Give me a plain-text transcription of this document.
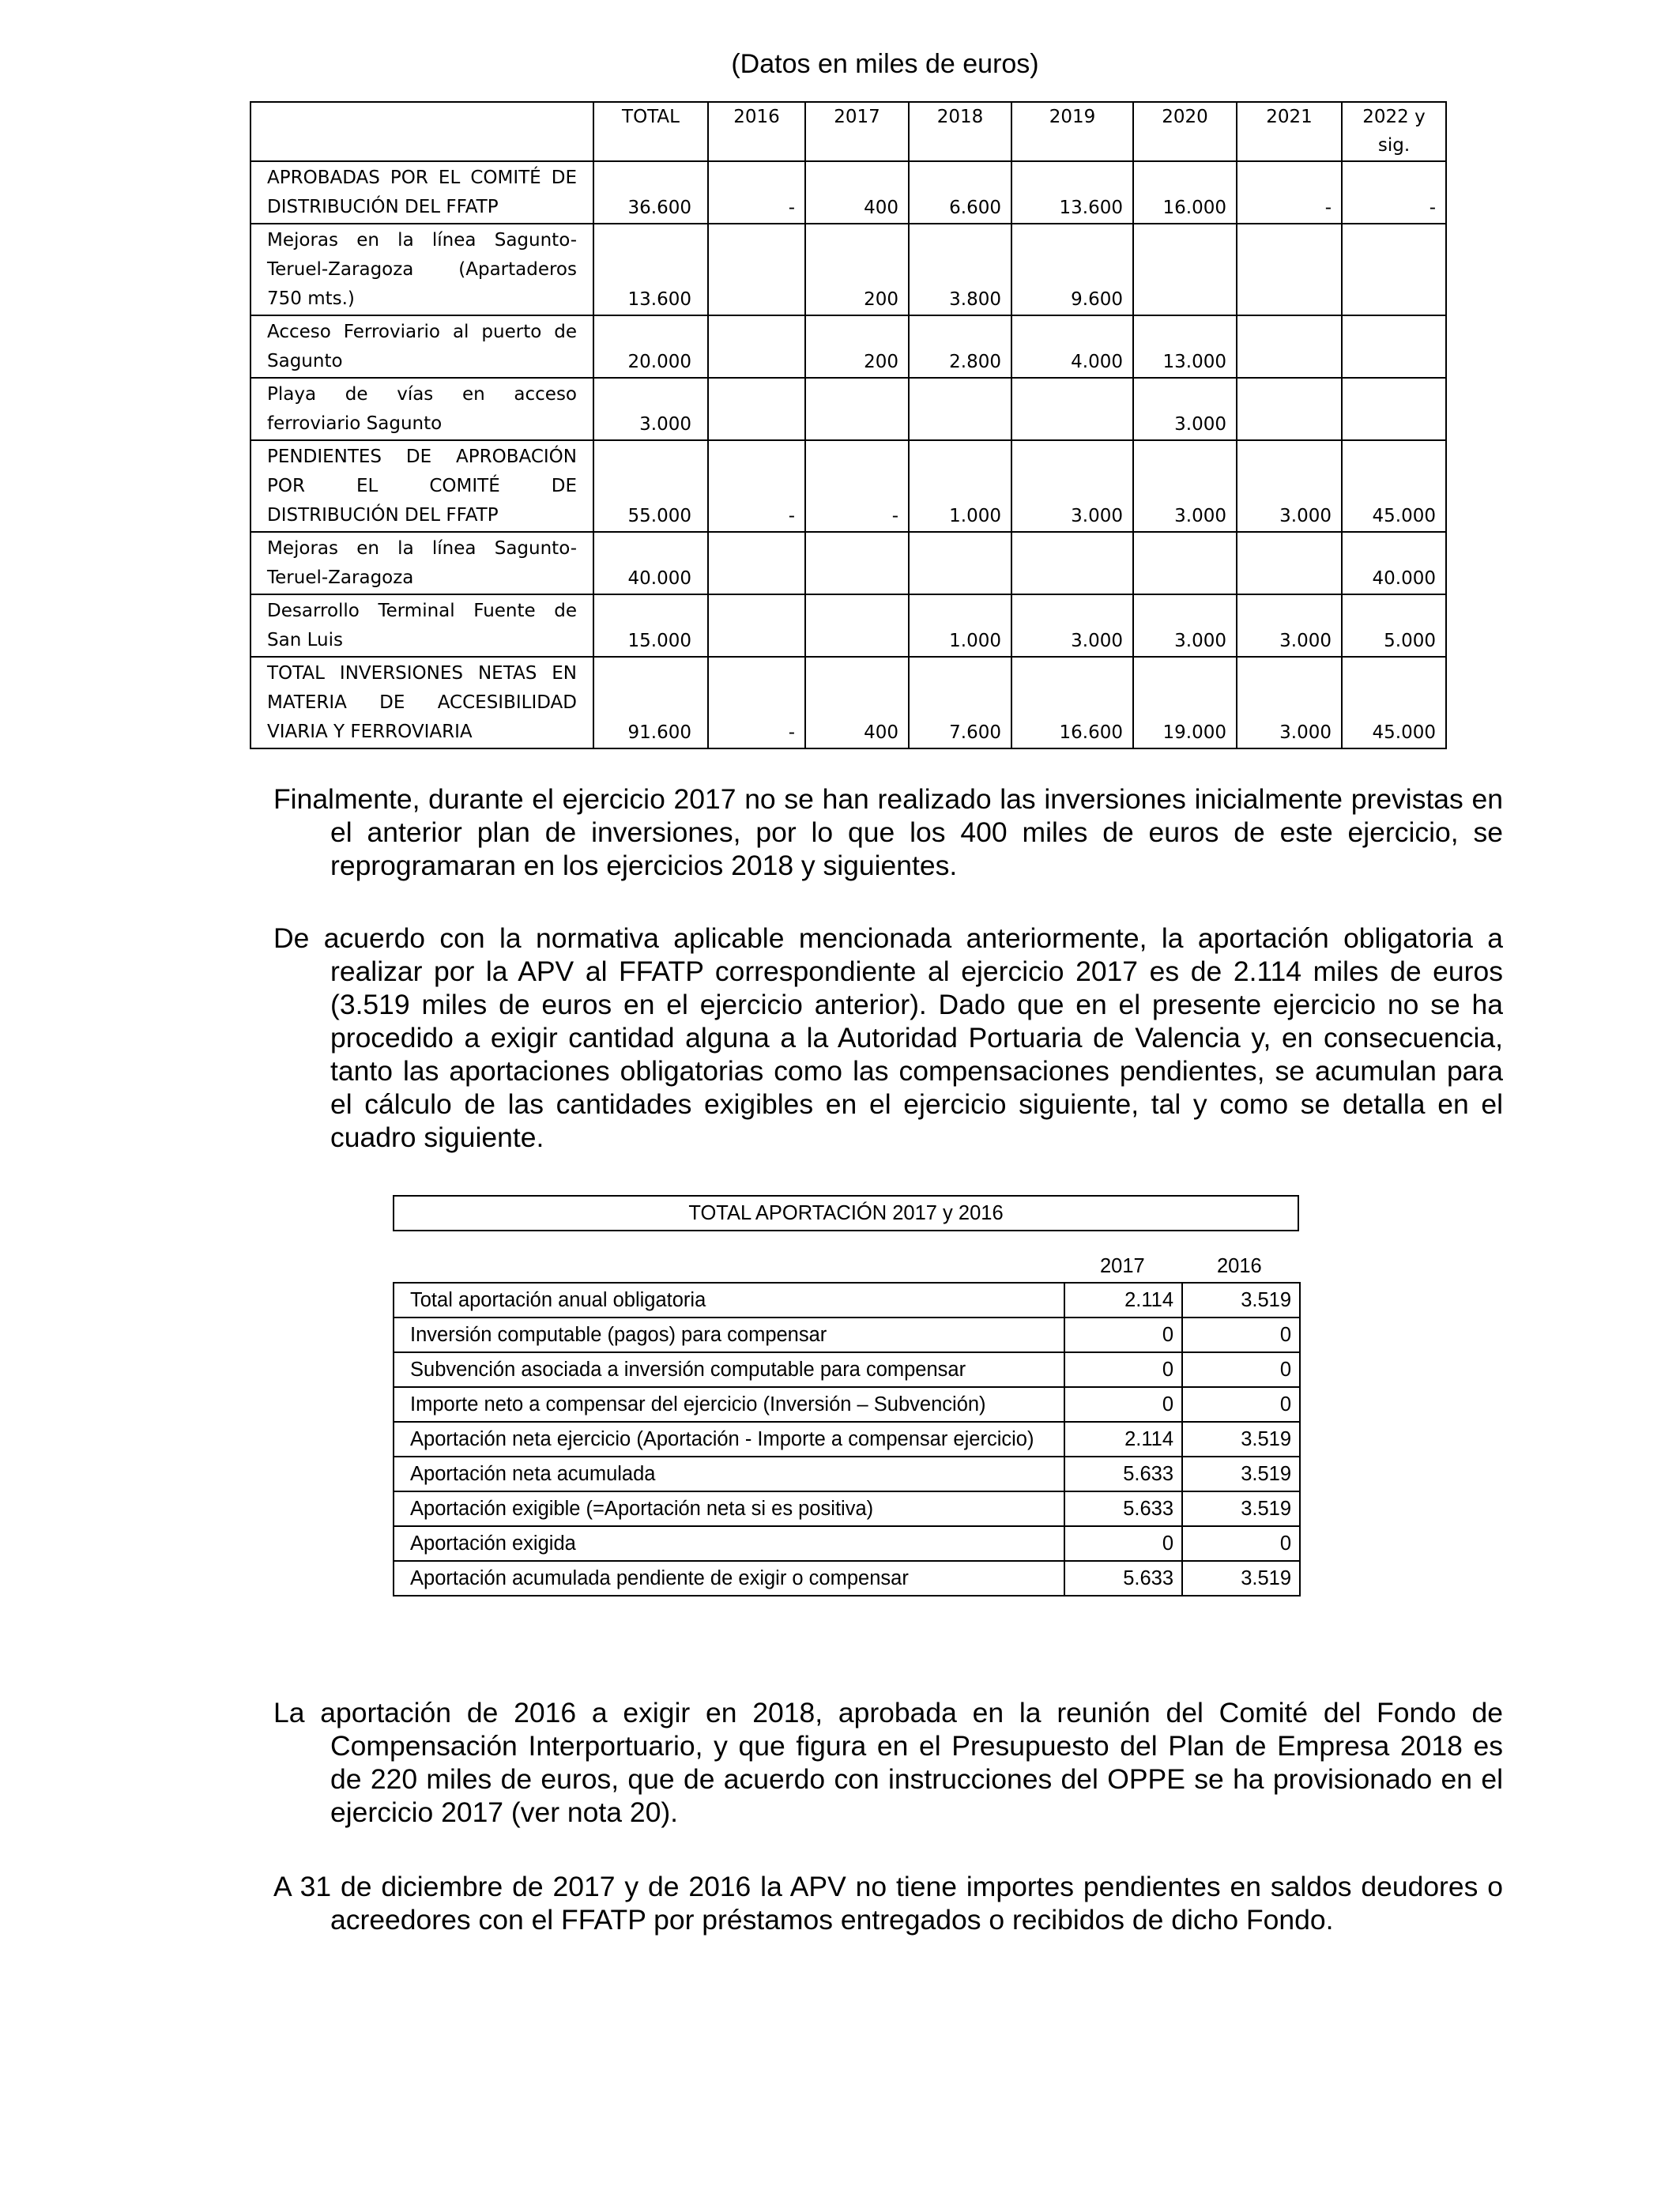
(Datos en miles de euros)
	TOTAL	2016	2017	2018	2019	2020	2021	2022 y sig.
APROBADAS POR EL COMITÉ DE DISTRIBUCIÓN DEL FFATP	36.600	-	400	6.600	13.600	16.000	-	-
Mejoras en la línea Sagunto-Teruel-Zaragoza (Apartaderos 750 mts.)	13.600		200	3.800	9.600			
Acceso Ferroviario al puerto de Sagunto	20.000		200	2.800	4.000	13.000		
Playa de vías en acceso ferroviario Sagunto	3.000					3.000		
PENDIENTES DE APROBACIÓN POR EL COMITÉ DE DISTRIBUCIÓN DEL FFATP	55.000	-	-	1.000	3.000	3.000	3.000	45.000
Mejoras en la línea Sagunto-Teruel-Zaragoza	40.000							40.000
Desarrollo Terminal Fuente de San Luis	15.000			1.000	3.000	3.000	3.000	5.000
TOTAL INVERSIONES NETAS EN MATERIA DE ACCESIBILIDAD VIARIA Y FERROVIARIA	91.600	-	400	7.600	16.600	19.000	3.000	45.000

Finalmente, durante el ejercicio 2017 no se han realizado las inversiones inicialmente previstas en el anterior plan de inversiones, por lo que los 400 miles de euros de este ejercicio, se reprogramaran en los ejercicios 2018 y siguientes.

De acuerdo con la normativa aplicable mencionada anteriormente, la aportación obligatoria a realizar por la APV al FFATP correspondiente al ejercicio 2017 es de 2.114 miles de euros (3.519 miles de euros en el ejercicio anterior). Dado que en el presente ejercicio no se ha procedido a exigir cantidad alguna a la Autoridad Portuaria de Valencia y, en consecuencia, tanto las aportaciones obligatorias como las compensaciones pendientes, se acumulan para el cálculo de las cantidades exigibles en el ejercicio siguiente, tal y como se detalla en el cuadro siguiente.

TOTAL APORTACIÓN 2017 y 2016
2017	2016
Total aportación anual obligatoria	2.114	3.519
Inversión computable (pagos) para compensar	0	0
Subvención asociada a inversión computable para compensar	0	0
Importe neto a compensar del ejercicio (Inversión – Subvención)	0	0
Aportación neta ejercicio (Aportación - Importe a compensar ejercicio)	2.114	3.519
Aportación neta acumulada	5.633	3.519
Aportación exigible (=Aportación neta si es positiva)	5.633	3.519
Aportación exigida	0	0
Aportación acumulada pendiente de exigir o compensar	5.633	3.519

La aportación de 2016 a exigir en 2018, aprobada en la reunión del Comité del Fondo de Compensación Interportuario, y que figura en el Presupuesto del Plan de Empresa 2018 es de 220 miles de euros, que de acuerdo con instrucciones del OPPE se ha provisionado en el ejercicio 2017 (ver nota 20).

A 31 de diciembre de 2017 y de 2016 la APV no tiene importes pendientes en saldos deudores o acreedores con el FFATP por préstamos entregados o recibidos de dicho Fondo.
